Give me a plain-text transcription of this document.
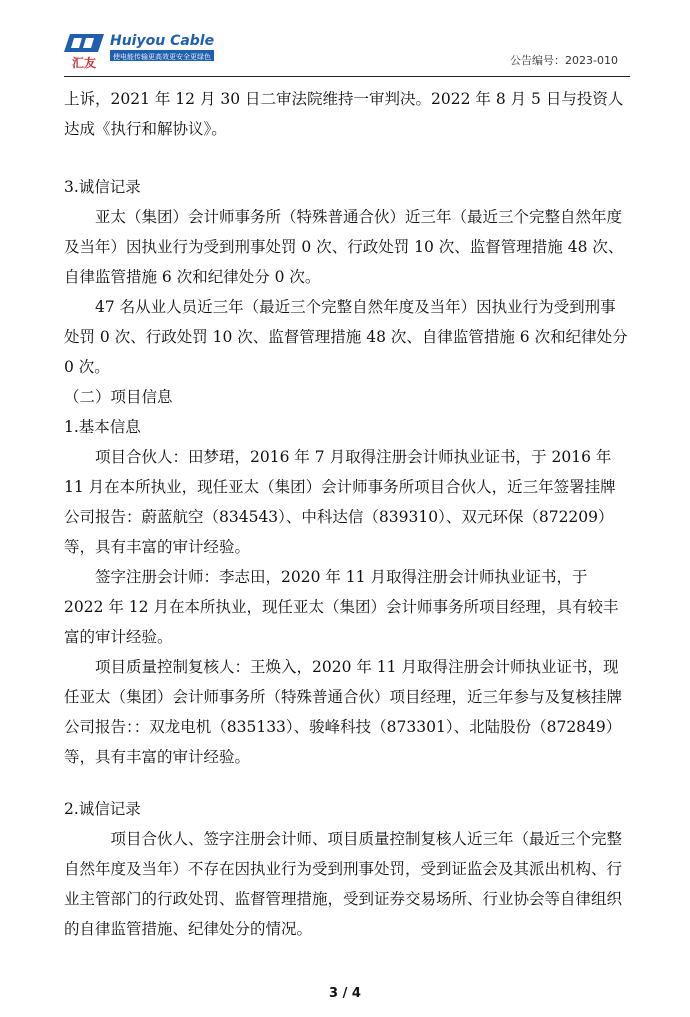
汇友
Huiyou Cable
使电能传输更高效更安全更绿色	公告编号：2023-010

上诉，2021 年 12 月 30 日二审法院维持一审判决。2022 年 8 月 5 日与投资人达成《执行和解协议》。

3.诚信记录

亚太（集团）会计师事务所（特殊普通合伙）近三年（最近三个完整自然年度及当年）因执业行为受到刑事处罚 0 次、行政处罚 10 次、监督管理措施 48 次、自律监管措施 6 次和纪律处分 0 次。

47 名从业人员近三年（最近三个完整自然年度及当年）因执业行为受到刑事处罚 0 次、行政处罚 10 次、监督管理措施 48 次、自律监管措施 6 次和纪律处分 0 次。

（二）项目信息

1.基本信息

项目合伙人：田梦珺，2016 年 7 月取得注册会计师执业证书，于 2016 年 11 月在本所执业，现任亚太（集团）会计师事务所项目合伙人，近三年签署挂牌公司报告：蔚蓝航空（834543）、中科达信（839310）、双元环保（872209）等，具有丰富的审计经验。

签字注册会计师：李志田，2020 年 11 月取得注册会计师执业证书，于 2022 年 12 月在本所执业，现任亚太（集团）会计师事务所项目经理，具有较丰富的审计经验。

项目质量控制复核人：王焕入，2020 年 11 月取得注册会计师执业证书，现任亚太（集团）会计师事务所（特殊普通合伙）项目经理，近三年参与及复核挂牌公司报告：：双龙电机（835133）、骏峰科技（873301）、北陆股份（872849）等，具有丰富的审计经验。

2.诚信记录

项目合伙人、签字注册会计师、项目质量控制复核人近三年（最近三个完整自然年度及当年）不存在因执业行为受到刑事处罚，受到证监会及其派出机构、行业主管部门的行政处罚、监督管理措施，受到证券交易场所、行业协会等自律组织的自律监管措施、纪律处分的情况。

3 / 4
